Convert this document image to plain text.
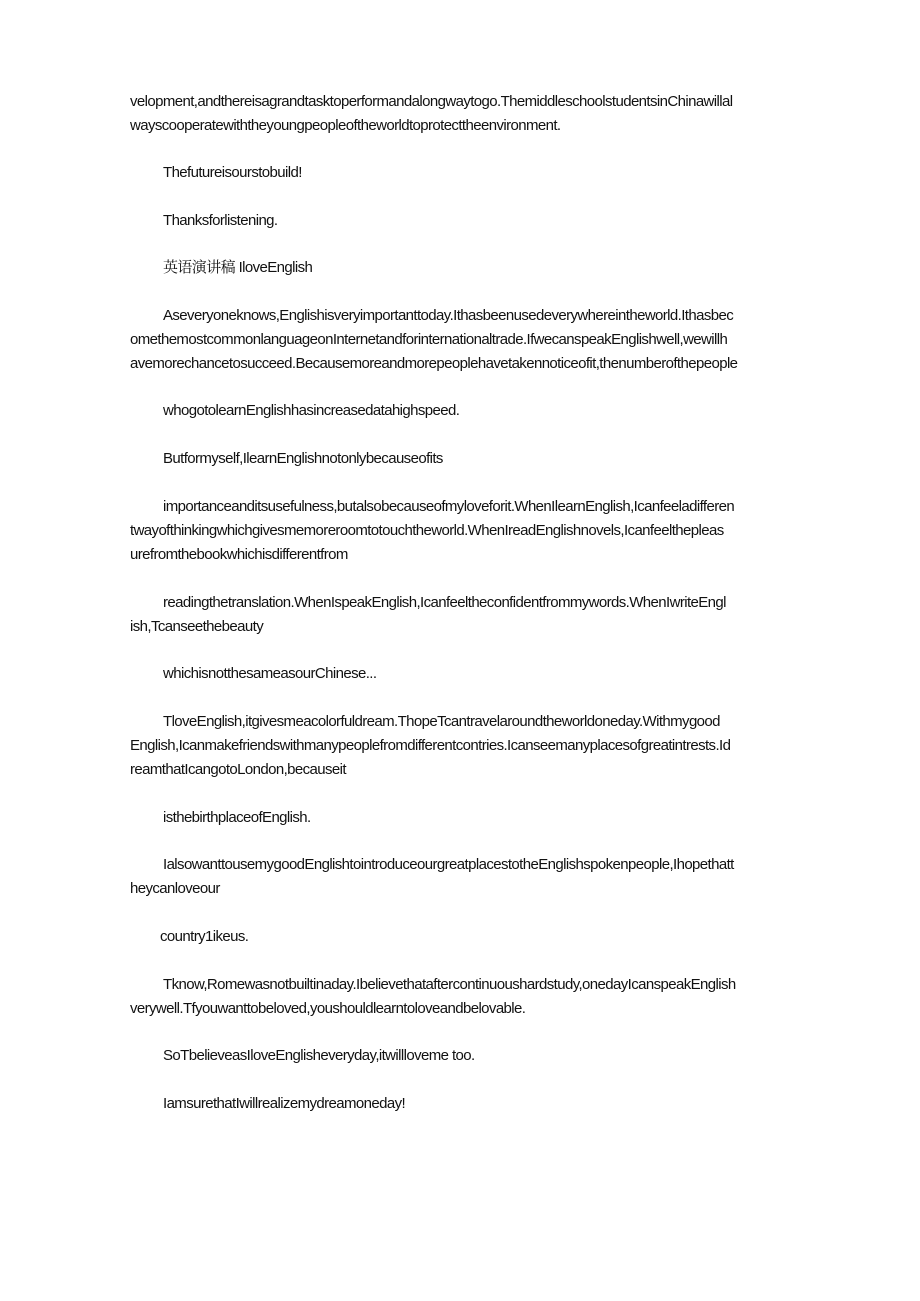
velopment,andthereisagrandtasktoperformandalongwaytogo.ThemiddleschoolstudentsinChinawillal

wayscooperatewiththeyoungpeopleoftheworldtoprotecttheenvironment.

Thefutureisourstobuild!

Thanksforlistening.

英语演讲稿 IloveEnglish

Aseveryoneknows,Englishisveryimportanttoday.Ithasbeenusedeverywhereintheworld.Ithasbec

omethemostcommonlanguageonInternetandforinternationaltrade.IfwecanspeakEnglishwell,wewillh

avemorechancetosucceed.Becausemoreandmorepeoplehavetakennoticeofit,thenumberofthepeople

whogotolearnEnglishhasincreasedatahighspeed.

Butformyself,IlearnEnglishnotonlybecauseofits

importanceanditsusefulness,butalsobecauseofmyloveforit.WhenIlearnEnglish,Icanfeeladifferen

twayofthinkingwhichgivesmemoreroomtotouchtheworld.WhenIreadEnglishnovels,Icanfeelthepleas

urefromthebookwhichisdifferentfrom

readingthetranslation.WhenIspeakEnglish,Icanfeeltheconfidentfrommywords.WhenIwriteEngl

ish,Tcanseethebeauty

whichisnotthesameasourChinese...

TloveEnglish,itgivesmeacolorfuldream.ThopeTcantravelaroundtheworldoneday.Withmygood

English,Icanmakefriendswithmanypeoplefromdifferentcontries.Icanseemanyplacesofgreatintrests.Id

reamthatIcangotoLondon,becauseit

isthebirthplaceofEnglish.

IalsowanttousemygoodEnglishtointroduceourgreatplacestotheEnglishspokenpeople,Ihopethatt

heycanloveour

country1ikeus.

Tknow,Romewasnotbuiltinaday.Ibelievethataftercontinuoushardstudy,onedayIcanspeakEnglish

verywell.Tfyouwanttobeloved,youshouldlearntoloveandbelovable.

SoTbelieveasIloveEnglisheveryday,itwillloveme too.

IamsurethatIwillrealizemydreamoneday!
